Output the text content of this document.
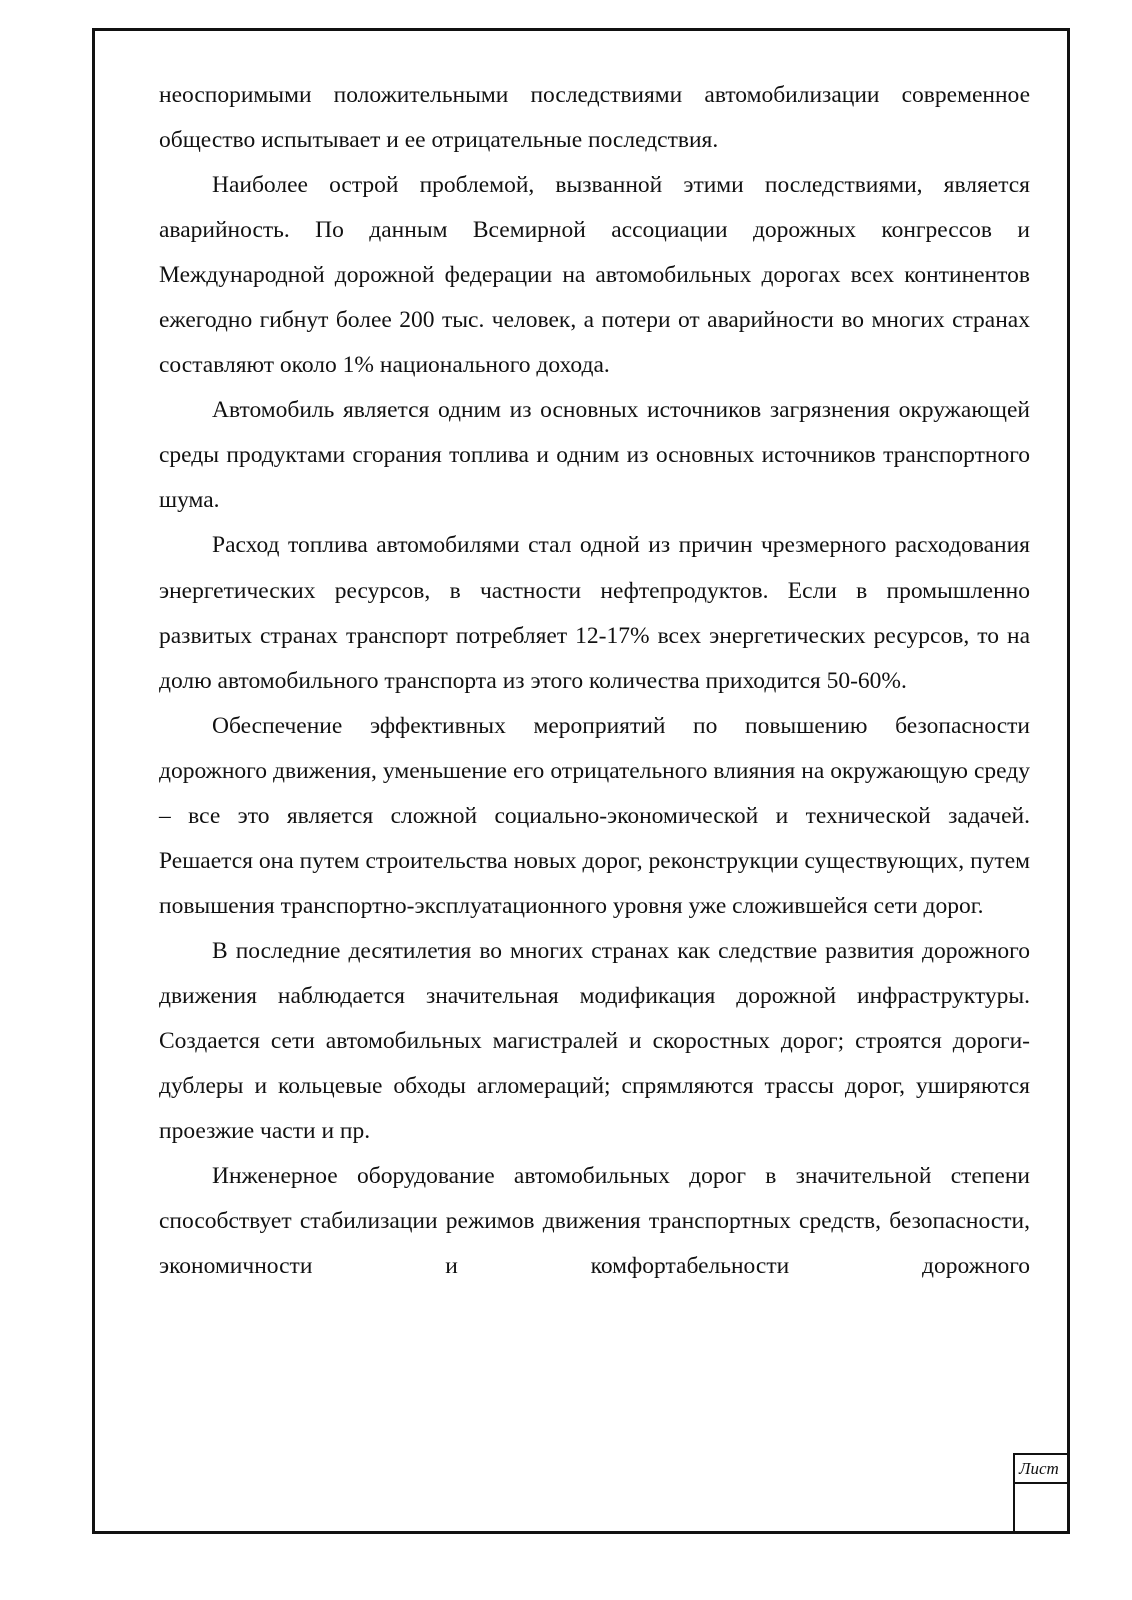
неоспоримыми положительными последствиями автомобилизации современное общество испытывает и ее отрицательные последствия.

Наиболее острой проблемой, вызванной этими последствиями, является аварийность. По данным Всемирной ассоциации дорожных конгрессов и Международной дорожной федерации на автомобильных дорогах всех континентов ежегодно гибнут более 200 тыс. человек, а потери от аварийности во многих странах составляют около 1% национального дохода.

Автомобиль является одним из основных источников загрязнения окружающей среды продуктами сгорания топлива и одним из основных источников транспортного шума.

Расход топлива автомобилями стал одной из причин чрезмерного расходования энергетических ресурсов, в частности нефтепродуктов. Если в промышленно развитых странах транспорт потребляет 12-17% всех энергетических ресурсов, то на долю автомобильного транспорта из этого количества приходится 50-60%.

Обеспечение эффективных мероприятий по повышению безопасности дорожного движения, уменьшение его отрицательного влияния на окружающую среду – все это является сложной социально-экономической и технической задачей. Решается она путем строительства новых дорог, реконструкции существующих, путем повышения транспортно-эксплуатационного уровня уже сложившейся сети дорог.

В последние десятилетия во многих странах как следствие развития дорожного движения наблюдается значительная модификация дорожной инфраструктуры. Создается сети автомобильных магистралей и скоростных дорог; строятся дороги-дублеры и кольцевые обходы агломераций; спрямляются трассы дорог, уширяются проезжие части и пр.

Инженерное оборудование автомобильных дорог в значительной степени способствует стабилизации режимов движения транспортных средств, безопасности, экономичности и комфортабельности дорожного

Лист
